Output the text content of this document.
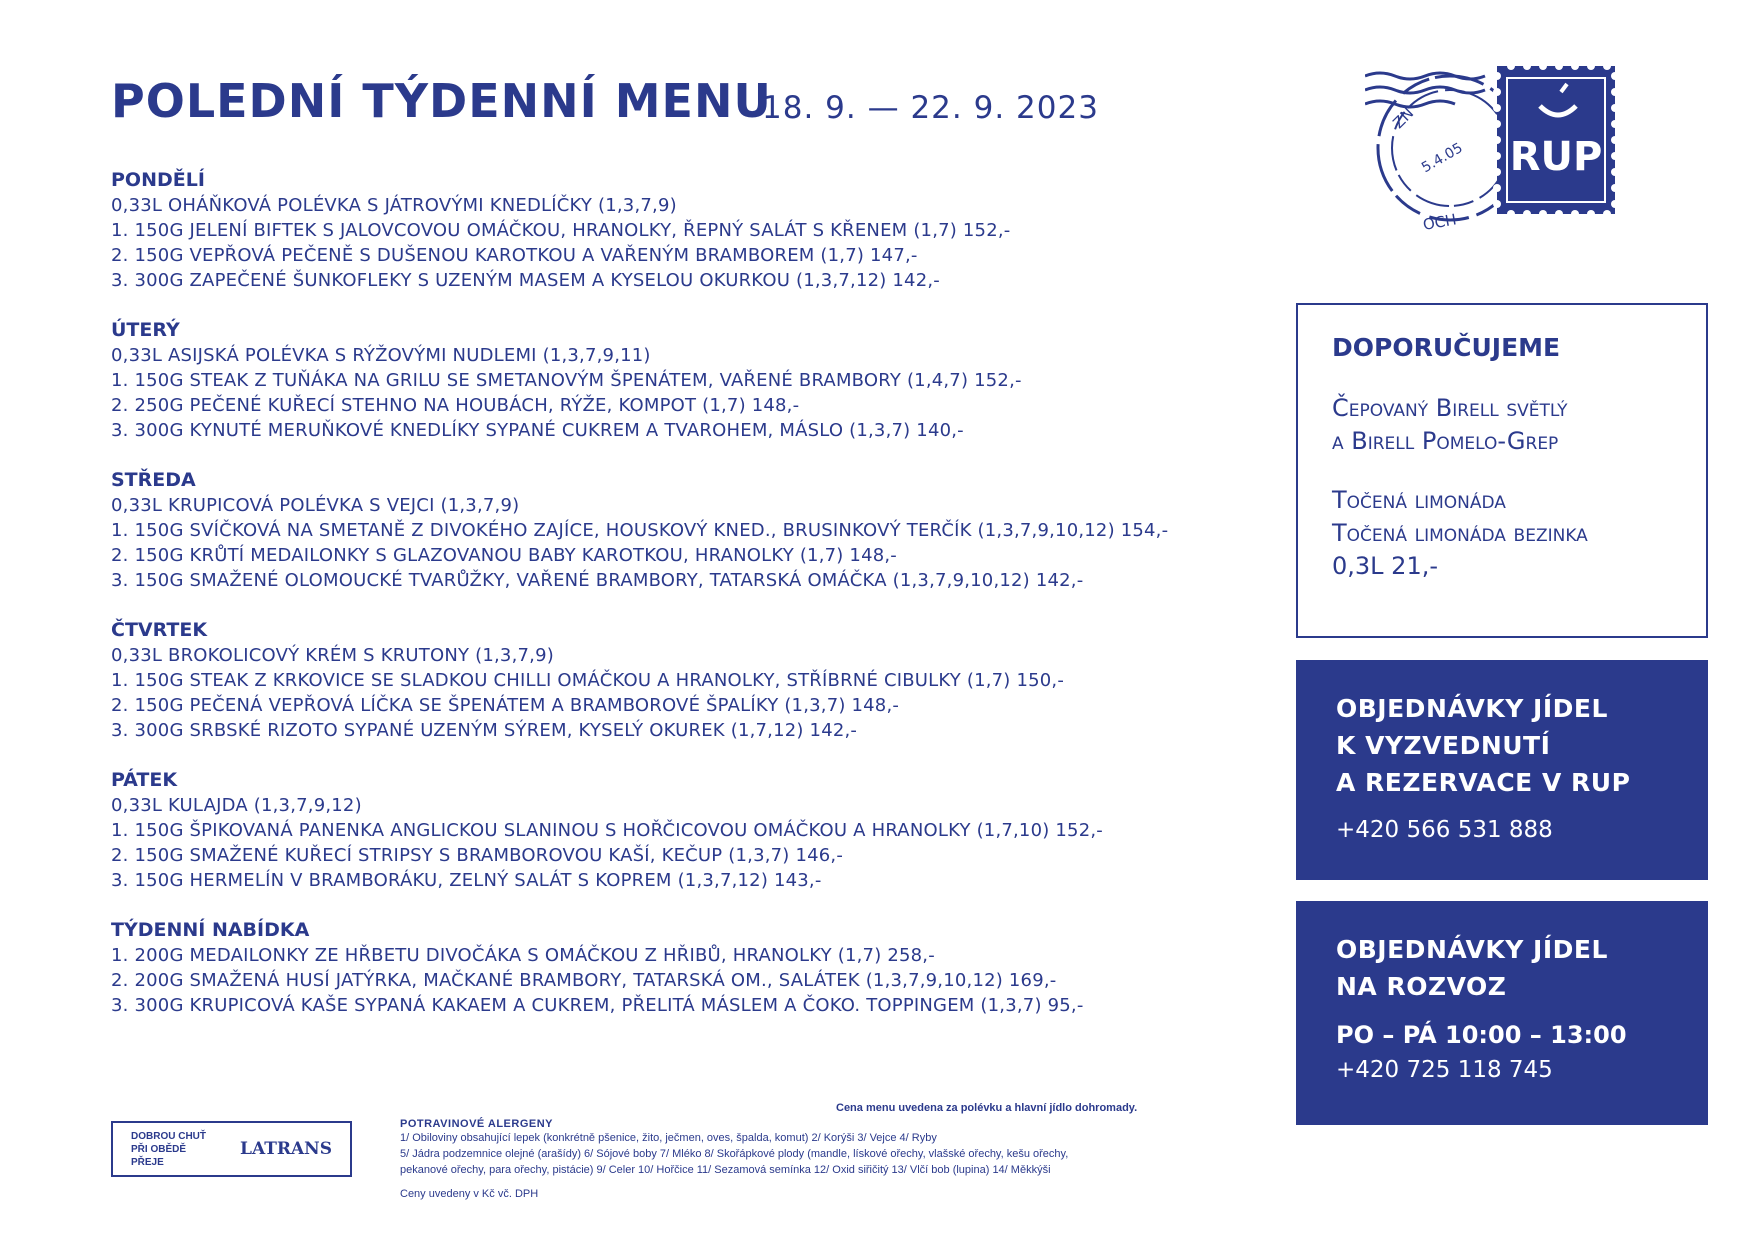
POLEDNÍ TÝDENNÍ MENU
18. 9. — 22. 9. 2023
PONDĚLÍ
0,33L OHÁŇKOVÁ POLÉVKA S JÁTROVÝMI KNEDLÍČKY (1,3,7,9)
1. 150G JELENÍ BIFTEK S JALOVCOVOU OMÁČKOU, HRANOLKY, ŘEPNÝ SALÁT S KŘENEM (1,7) 152,-
2. 150G VEPŘOVÁ PEČENĚ S DUŠENOU KAROTKOU A VAŘENÝM BRAMBOREM (1,7) 147,-
3. 300G ZAPEČENÉ ŠUNKOFLEKY S UZENÝM MASEM A KYSELOU OKURKOU (1,3,7,12) 142,-
ÚTERÝ
0,33L ASIJSKÁ POLÉVKA S RÝŽOVÝMI NUDLEMI (1,3,7,9,11)
1. 150G STEAK Z TUŇÁKA NA GRILU SE SMETANOVÝM ŠPENÁTEM, VAŘENÉ BRAMBORY (1,4,7) 152,-
2. 250G PEČENÉ KUŘECÍ STEHNO NA HOUBÁCH, RÝŽE, KOMPOT (1,7) 148,-
3. 300G KYNUTÉ MERUŇKOVÉ KNEDLÍKY SYPANÉ CUKREM A TVAROHEM, MÁSLO (1,3,7) 140,-
STŘEDA
0,33L KRUPICOVÁ POLÉVKA S VEJCI (1,3,7,9)
1. 150G SVÍČKOVÁ NA SMETANĚ Z DIVOKÉHO ZAJÍCE, HOUSKOVÝ KNED., BRUSINKOVÝ TERČÍK (1,3,7,9,10,12) 154,-
2. 150G KRŮTÍ MEDAILONKY S GLAZOVANOU BABY KAROTKOU, HRANOLKY (1,7) 148,-
3. 150G SMAŽENÉ OLOMOUCKÉ TVARŮŽKY, VAŘENÉ BRAMBORY, TATARSKÁ OMÁČKA (1,3,7,9,10,12) 142,-
ČTVRTEK
0,33L BROKOLICOVÝ KRÉM S KRUTONY (1,3,7,9)
1. 150G STEAK Z KRKOVICE SE SLADKOU CHILLI OMÁČKOU A HRANOLKY, STŘÍBRNÉ CIBULKY (1,7) 150,-
2. 150G PEČENÁ VEPŘOVÁ LÍČKA SE ŠPENÁTEM A BRAMBOROVÉ ŠPALÍKY (1,3,7) 148,-
3. 300G SRBSKÉ RIZOTO SYPANÉ UZENÝM SÝREM, KYSELÝ OKUREK (1,7,12) 142,-
PÁTEK
0,33L KULAJDA (1,3,7,9,12)
1. 150G ŠPIKOVANÁ PANENKA ANGLICKOU SLANINOU S HOŘČICOVOU OMÁČKOU A HRANOLKY (1,7,10) 152,-
2. 150G SMAŽENÉ KUŘECÍ STRIPSY S BRAMBOROVOU KAŠÍ, KEČUP (1,3,7) 146,-
3. 150G HERMELÍN V BRAMBORÁKU, ZELNÝ SALÁT S KOPREM (1,3,7,12) 143,-
TÝDENNÍ NABÍDKA
1. 200G MEDAILONKY ZE HŘBETU DIVOČÁKA S OMÁČKOU Z HŘIBŮ, HRANOLKY (1,7) 258,-
2. 200G SMAŽENÁ HUSÍ JATÝRKA, MAČKANÉ BRAMBORY, TATARSKÁ OM., SALÁTEK (1,3,7,9,10,12) 169,-
3. 300G KRUPICOVÁ KAŠE SYPANÁ KAKAEM A CUKREM, PŘELITÁ MÁSLEM A ČOKO. TOPPINGEM (1,3,7) 95,-
RUP
5.4.05
ZN
OCH
DOPORUČUJEME
Čepovaný Birell světlý
a Birell Pomelo-Grep
Točená limonáda
Točená limonáda bezinka
0,3L 21,-
OBJEDNÁVKY JÍDEL
K VYZVEDNUTÍ
A REZERVACE V RUP
+420 566 531 888
OBJEDNÁVKY JÍDEL
NA ROZVOZ
PO – PÁ 10:00 – 13:00
+420 725 118 745
Cena menu uvedena za polévku a hlavní jídlo dohromady.
DOBROU CHUŤ
PŘI OBĚDĚ PŘEJE
LATRANS
POTRAVINOVÉ ALERGENY
1/ Obiloviny obsahující lepek (konkrétně pšenice, žito, ječmen, oves, špalda, komut) 2/ Korýši 3/ Vejce 4/ Ryby
5/ Jádra podzemnice olejné (arašídy) 6/ Sójové boby 7/ Mléko 8/ Skořápkové plody (mandle, lískové ořechy, vlašské ořechy, kešu ořechy,
pekanové ořechy, para ořechy, pistácie) 9/ Celer 10/ Hořčice 11/ Sezamová semínka 12/ Oxid siřičitý 13/ Vlčí bob (lupina) 14/ Měkkýši
Ceny uvedeny v Kč vč. DPH
